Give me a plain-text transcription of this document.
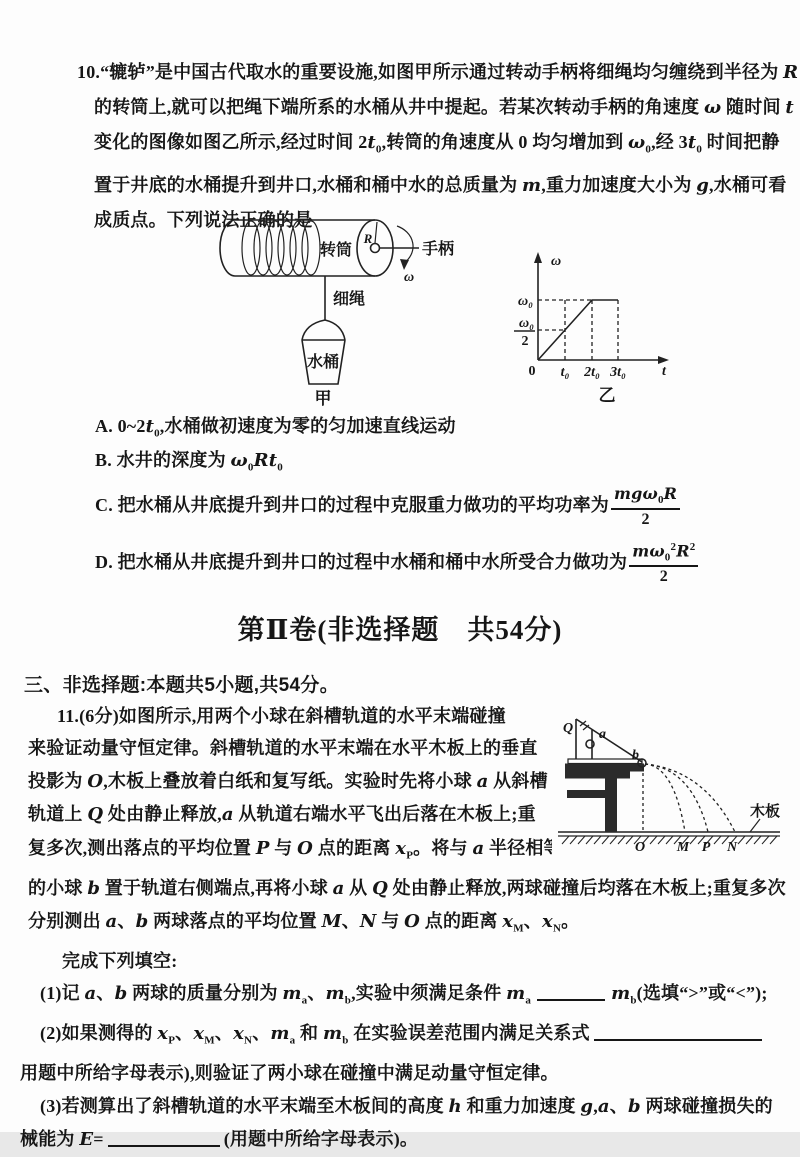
10.“辘轳”是中国古代取水的重要设施,如图甲所示通过转动手柄将细绳均匀缠绕到半径为 R
的转筒上,就可以把绳下端所系的水桶从井中提起。若某次转动手柄的角速度 ω 随时间 t
变化的图像如图乙所示,经过时间 $2t_0$,转筒的角速度从 0 均匀增加到 $\omega_0$,经 $3t_0$ 时间把静
置于井底的水桶提升到井口,水桶和桶中水的总质量为 m,重力加速度大小为 g,水桶可看
成质点。下列说法正确的是
转筒
R
手柄
ω
细绳
水桶
甲
ω
ω₀
ω₀
2
0 t₀ 2t₀ 3t₀	t
乙
A. $0\sim 2t_0$,水桶做初速度为零的匀加速直线运动
B. 水井的深度为 $\omega_0Rt_0$
C. 把水桶从井底提升到井口的过程中克服重力做功的平均功率为 $\frac{mg\omega_0R}{2}$
D. 把水桶从井底提升到井口的过程中水桶和桶中水所受合力做功为 $\frac{m\omega_0^2R^2}{2}$
第Ⅱ卷(非选择题　共54分)
三、非选择题:本题共5小题,共54分。
11.(6分)如图所示,用两个小球在斜槽轨道的水平末端碰撞
来验证动量守恒定律。斜槽轨道的水平末端在水平木板上的垂直
投影为 O,木板上叠放着白纸和复写纸。实验时先将小球 a 从斜槽
轨道上 Q 处由静止释放,a 从轨道右端水平飞出后落在木板上;重
复多次,测出落点的平均位置 P 与 O 点的距离 $x_P$。将与 a 半径相等
的小球 b 置于轨道右侧端点,再将小球 a 从 Q 处由静止释放,两球碰撞后均落在木板上;重复多次
分别测出 a、b 两球落点的平均位置 M、N 与 O 点的距离 $x_M$、$x_N$。
完成下列填空:
(1)记 a、b 两球的质量分别为 $m_a$、$m_b$,实验中须满足条件 $m_a$	$m_b$(选填“>”或“<”);
(2)如果测得的 $x_P$、$x_M$、$x_N$、$m_a$ 和 $m_b$ 在实验误差范围内满足关系式
用题中所给字母表示),则验证了两小球在碰撞中满足动量守恒定律。
(3)若测算出了斜槽轨道的水平末端至木板间的高度 h 和重力加速度 g,a、b 两球碰撞损失的
械能为 E=	(用题中所给字母表示)。
Q a
b
O M P N
木板
